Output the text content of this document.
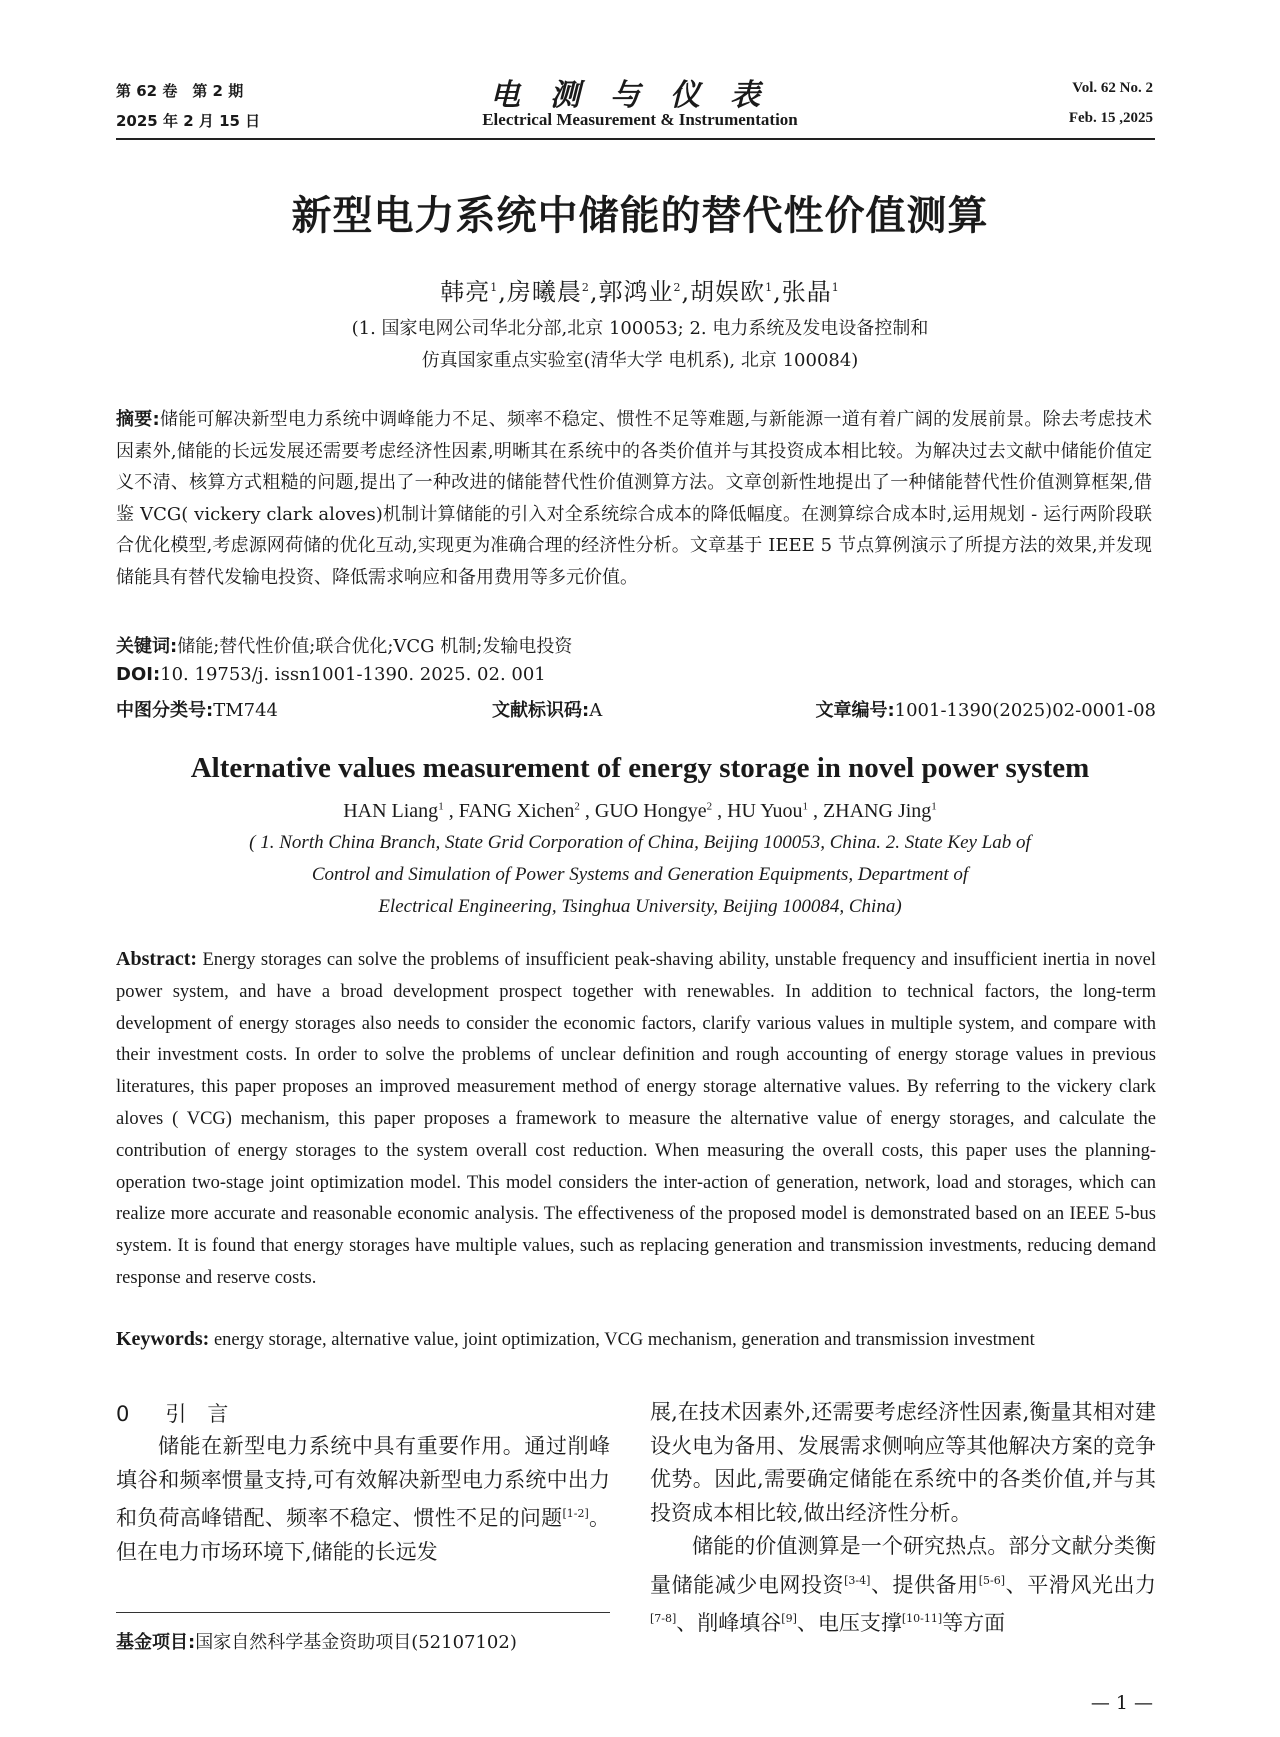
第 62 卷　第 2 期
2025 年 2 月 15 日
电测与仪表
Electrical Measurement & Instrumentation
Vol. 62 No. 2
Feb. 15 ,2025
新型电力系统中储能的替代性价值测算
韩亮$^1$,房曦晨$^2$,郭鸿业$^2$,胡娱欧$^1$,张晶$^1$
(1. 国家电网公司华北分部,北京 100053; 2. 电力系统及发电设备控制和
仿真国家重点实验室(清华大学 电机系), 北京 100084)
摘要:储能可解决新型电力系统中调峰能力不足、频率不稳定、惯性不足等难题,与新能源一道有着广阔的发展前景。除去考虑技术因素外,储能的长远发展还需要考虑经济性因素,明晰其在系统中的各类价值并与其投资成本相比较。为解决过去文献中储能价值定义不清、核算方式粗糙的问题,提出了一种改进的储能替代性价值测算方法。文章创新性地提出了一种储能替代性价值测算框架,借鉴 VCG( vickery clark aloves)机制计算储能的引入对全系统综合成本的降低幅度。在测算综合成本时,运用规划 - 运行两阶段联合优化模型,考虑源网荷储的优化互动,实现更为准确合理的经济性分析。文章基于 IEEE 5 节点算例演示了所提方法的效果,并发现储能具有替代发输电投资、降低需求响应和备用费用等多元价值。
关键词:储能;替代性价值;联合优化;VCG 机制;发输电投资
DOI:10. 19753/j. issn1001-1390. 2025. 02. 001
中图分类号:TM744	文献标识码:A	文章编号:1001-1390(2025)02-0001-08
Alternative values measurement of energy storage in novel power system
HAN Liang$^1$ , FANG Xichen$^2$ , GUO Hongye$^2$ , HU Yuou$^1$ , ZHANG Jing$^1$
( 1. North China Branch, State Grid Corporation of China, Beijing 100053, China. 2. State Key Lab of
Control and Simulation of Power Systems and Generation Equipments, Department of
Electrical Engineering, Tsinghua University, Beijing 100084, China)
Abstract: Energy storages can solve the problems of insufficient peak-shaving ability, unstable frequency and insufficient inertia in novel power system, and have a broad development prospect together with renewables. In addition to technical factors, the long-term development of energy storages also needs to consider the economic factors, clarify various values in multiple system, and compare with their investment costs. In order to solve the problems of unclear definition and rough accounting of energy storage values in previous literatures, this paper proposes an improved measurement method of energy storage alternative values. By referring to the vickery clark aloves ( VCG) mechanism, this paper proposes a framework to measure the alternative value of energy storages, and calculate the contribution of energy storages to the system overall cost reduction. When measuring the overall costs, this paper uses the planning-operation two-stage joint optimization model. This model considers the inter-action of generation, network, load and storages, which can realize more accurate and reasonable economic analysis. The effectiveness of the proposed model is demonstrated based on an IEEE 5-bus system. It is found that energy storages have multiple values, such as replacing generation and transmission investments, reducing demand response and reserve costs.
Keywords: energy storage, alternative value, joint optimization, VCG mechanism, generation and transmission investment
0 引　言
储能在新型电力系统中具有重要作用。通过削峰填谷和频率惯量支持,可有效解决新型电力系统中出力和负荷高峰错配、频率不稳定、惯性不足的问题[1-2]。但在电力市场环境下,储能的长远发
基金项目:国家自然科学基金资助项目(52107102)
展,在技术因素外,还需要考虑经济性因素,衡量其相对建设火电为备用、发展需求侧响应等其他解决方案的竞争优势。因此,需要确定储能在系统中的各类价值,并与其投资成本相比较,做出经济性分析。
储能的价值测算是一个研究热点。部分文献分类衡量储能减少电网投资[3-4]、提供备用[5-6]、平滑风光出力[7-8]、削峰填谷[9]、电压支撑[10-11]等方面
— 1 —
